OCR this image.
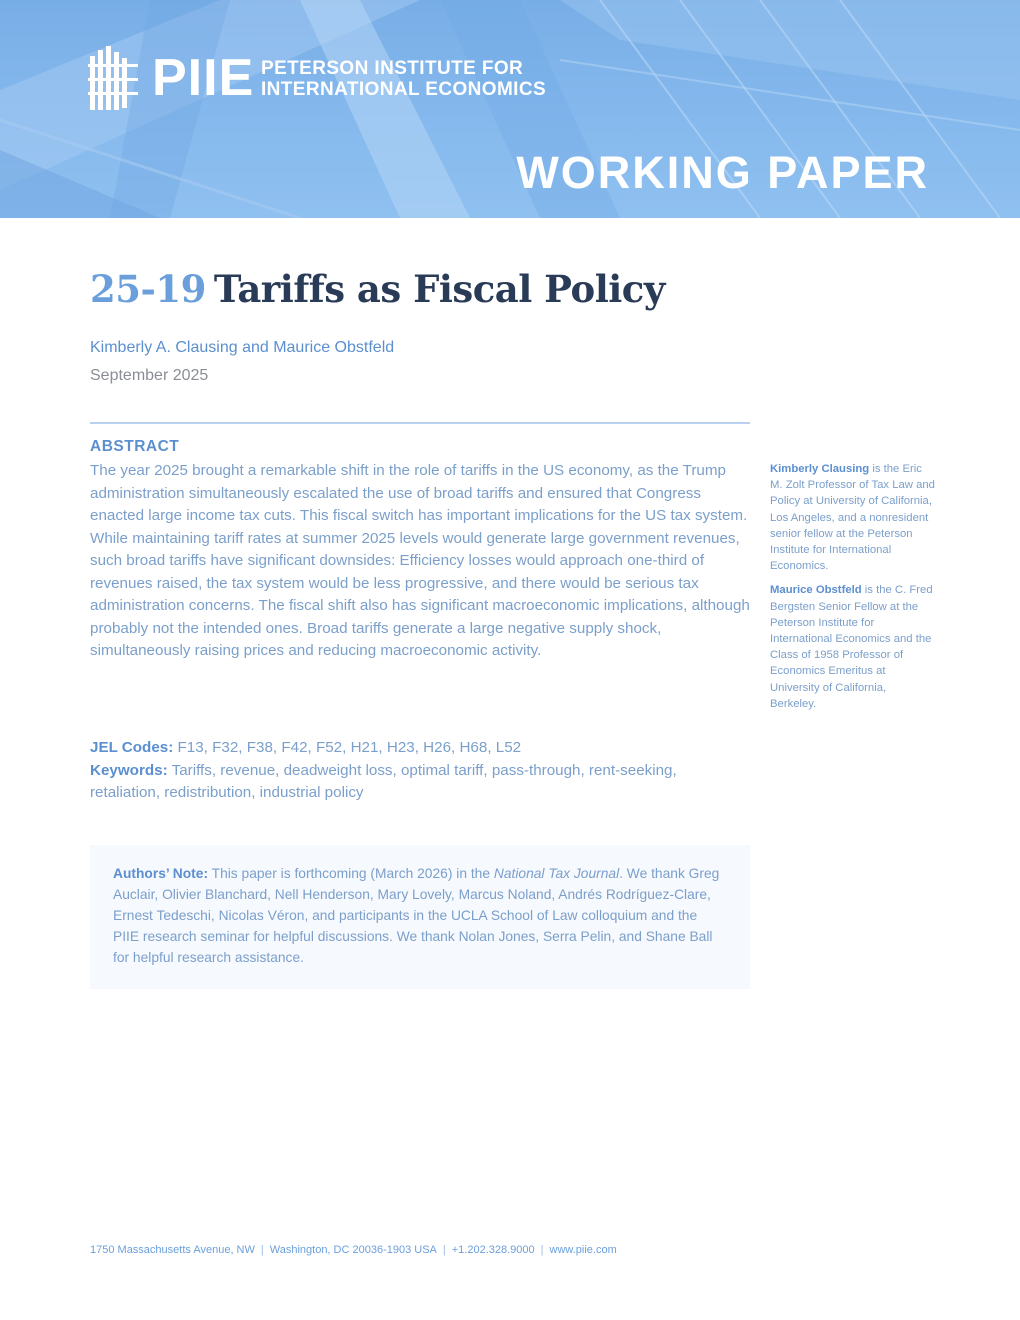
PIIE PETERSON INSTITUTE FOR
INTERNATIONAL ECONOMICS
WORKING PAPER
25-19 Tariffs as Fiscal Policy
Kimberly A. Clausing and Maurice Obstfeld
September 2025
ABSTRACT
The year 2025 brought a remarkable shift in the role of tariffs in the US economy, as the Trump administration simultaneously escalated the use of broad tariffs and ensured that Congress enacted large income tax cuts. This fiscal switch has important implications for the US tax system. While maintaining tariff rates at summer 2025 levels would generate large government revenues, such broad tariffs have significant downsides: Efficiency losses would approach one-third of revenues raised, the tax system would be less progressive, and there would be serious tax administration concerns. The fiscal shift also has significant macroeconomic implications, although probably not the intended ones. Broad tariffs generate a large negative supply shock, simultaneously raising prices and reducing macroeconomic activity.
JEL Codes: F13, F32, F38, F42, F52, H21, H23, H26, H68, L52
Keywords: Tariffs, revenue, deadweight loss, optimal tariff, pass-through, rent-seeking, retaliation, redistribution, industrial policy
Authors’ Note: This paper is forthcoming (March 2026) in the National Tax Journal. We thank Greg Auclair, Olivier Blanchard, Nell Henderson, Mary Lovely, Marcus Noland, Andrés Rodríguez-Clare, Ernest Tedeschi, Nicolas Véron, and participants in the UCLA School of Law colloquium and the PIIE research seminar for helpful discussions. We thank Nolan Jones, Serra Pelin, and Shane Ball for helpful research assistance.

Kimberly Clausing is the Eric M. Zolt Professor of Tax Law and Policy at University of California, Los Angeles, and a nonresident senior fellow at the Peterson Institute for International Economics.

Maurice Obstfeld is the C. Fred Bergsten Senior Fellow at the Peterson Institute for International Economics and the Class of 1958 Professor of Economics Emeritus at University of California, Berkeley.

1750 Massachusetts Avenue, NW | Washington, DC 20036-1903 USA | +1.202.328.9000 | www.piie.com
